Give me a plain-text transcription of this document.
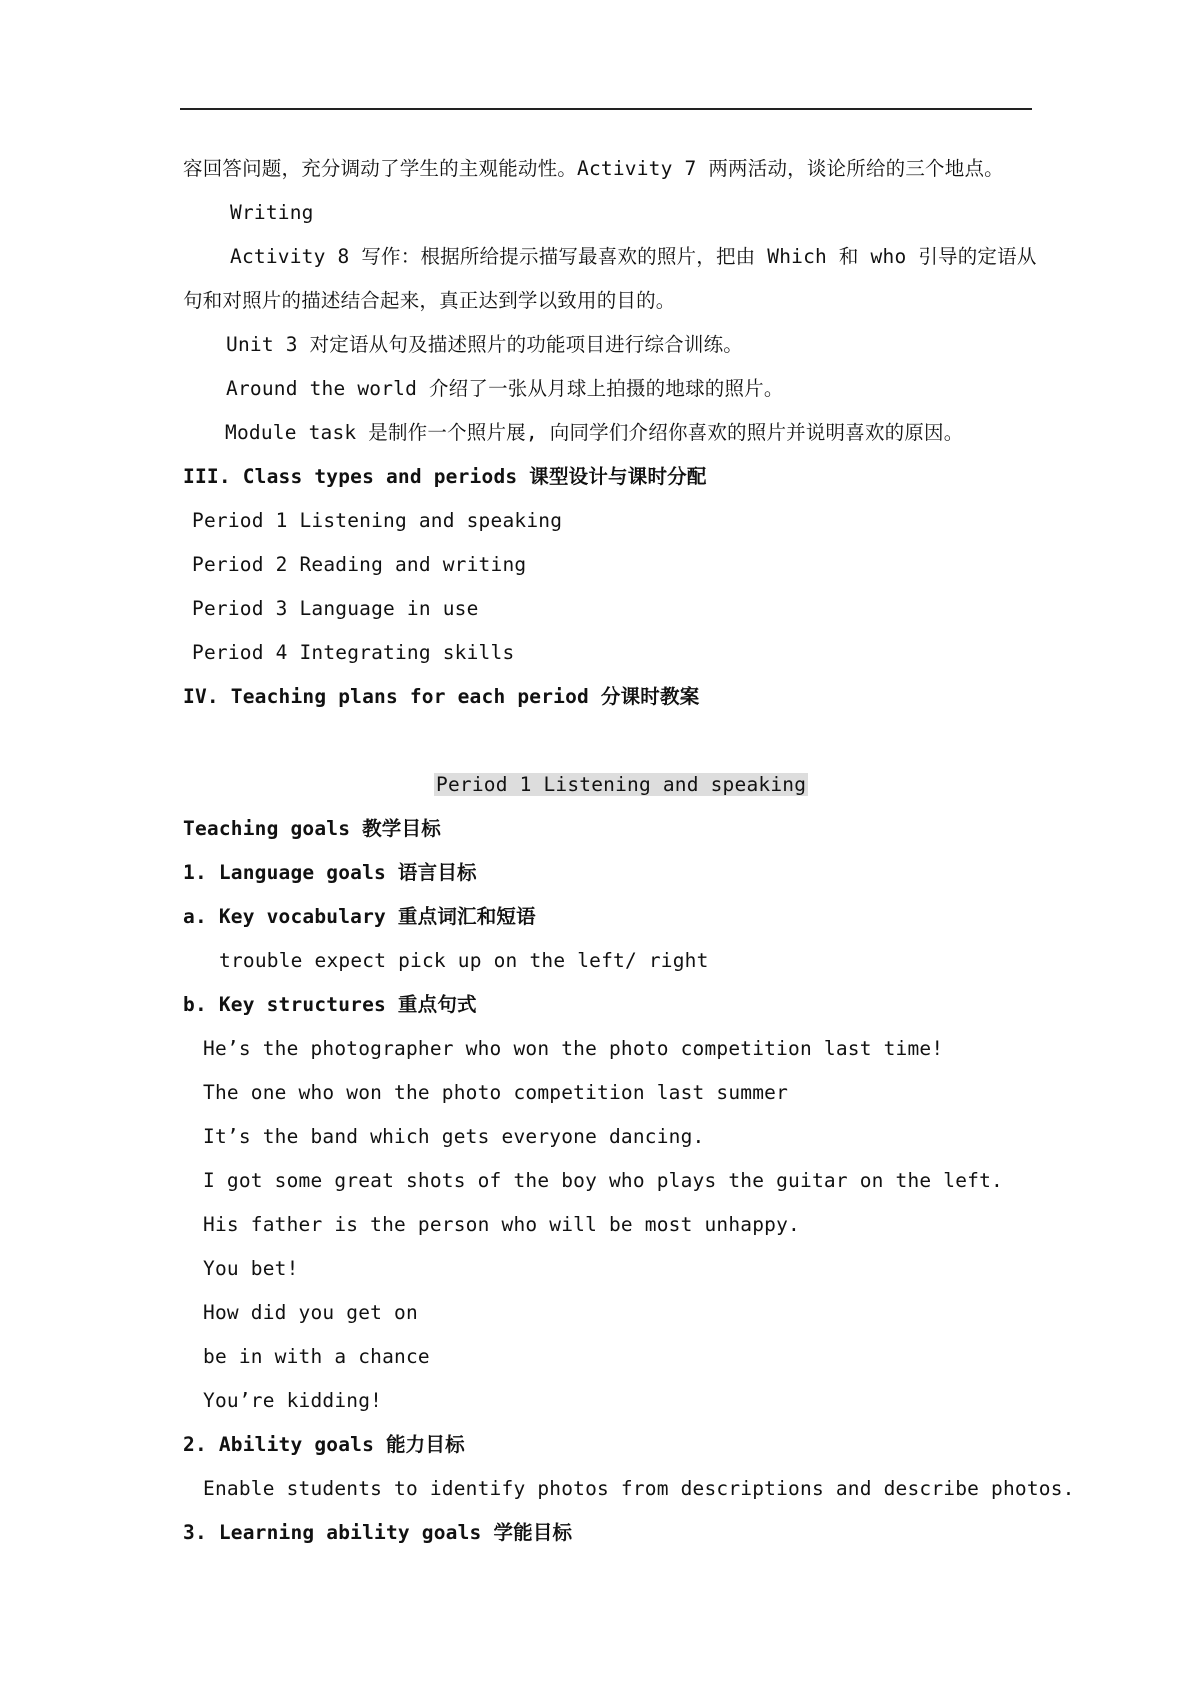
容回答问题，充分调动了学生的主观能动性。Activity 7 两两活动，谈论所给的三个地点。
Writing
Activity 8 写作：根据所给提示描写最喜欢的照片，把由 Which 和 who 引导的定语从
句和对照片的描述结合起来，真正达到学以致用的目的。
Unit 3 对定语从句及描述照片的功能项目进行综合训练。
Around the world 介绍了一张从月球上拍摄的地球的照片。
Module task 是制作一个照片展, 向同学们介绍你喜欢的照片并说明喜欢的原因。
III. Class types and periods 课型设计与课时分配
Period 1 Listening and speaking
Period 2 Reading and writing
Period 3 Language in use
Period 4 Integrating skills
IV. Teaching plans for each period 分课时教案
Period 1 Listening and speaking
Teaching goals 教学目标
1. Language goals 语言目标
a. Key vocabulary 重点词汇和短语
trouble expect pick up on the left/ right
b. Key structures 重点句式
He’s the photographer who won the photo competition last time!
The one who won the photo competition last summer
It’s the band which gets everyone dancing.
I got some great shots of the boy who plays the guitar on the left.
His father is the person who will be most unhappy.
You bet!
How did you get on
be in with a chance
You’re kidding!
2. Ability goals 能力目标
Enable students to identify photos from descriptions and describe photos.
3. Learning ability goals 学能目标
